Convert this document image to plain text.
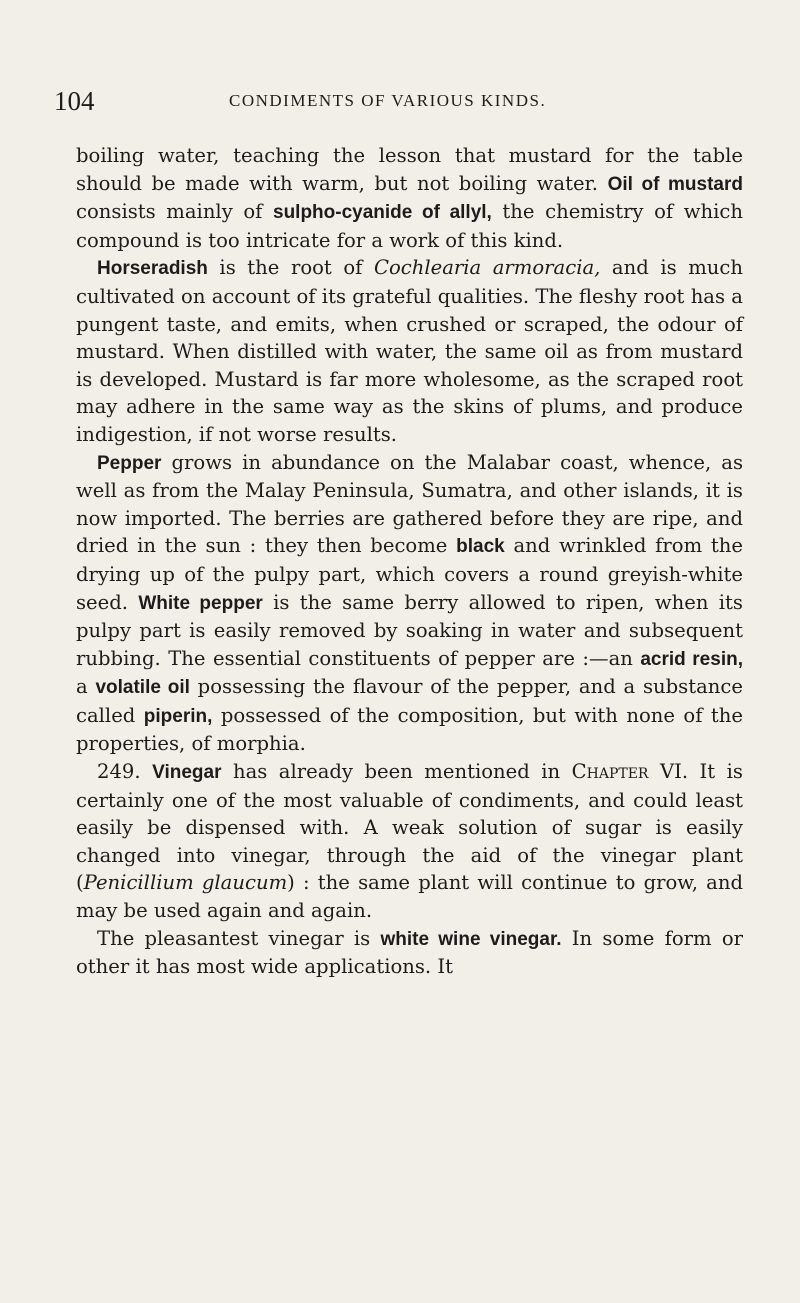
104	CONDIMENTS OF VARIOUS KINDS.

boiling water, teaching the lesson that mustard for the table should be made with warm, but not boiling water. Oil of mustard consists mainly of sulpho-cyanide of allyl, the chemistry of which compound is too intricate for a work of this kind.

Horseradish is the root of Cochlearia armoracia, and is much cultivated on account of its grateful qualities. The fleshy root has a pungent taste, and emits, when crushed or scraped, the odour of mustard. When distilled with water, the same oil as from mustard is developed. Mustard is far more wholesome, as the scraped root may adhere in the same way as the skins of plums, and produce indigestion, if not worse results.

Pepper grows in abundance on the Malabar coast, whence, as well as from the Malay Peninsula, Sumatra, and other islands, it is now imported. The berries are gathered before they are ripe, and dried in the sun : they then become black and wrinkled from the drying up of the pulpy part, which covers a round greyish-white seed. White pepper is the same berry allowed to ripen, when its pulpy part is easily removed by soaking in water and subsequent rubbing. The essential constituents of pepper are :—an acrid resin, a volatile oil possessing the flavour of the pepper, and a substance called piperin, possessed of the composition, but with none of the properties, of morphia.

249. Vinegar has already been mentioned in Chapter VI. It is certainly one of the most valuable of condiments, and could least easily be dispensed with. A weak solution of sugar is easily changed into vinegar, through the aid of the vinegar plant (Penicillium glaucum) : the same plant will continue to grow, and may be used again and again.

The pleasantest vinegar is white wine vinegar. In some form or other it has most wide applications. It
